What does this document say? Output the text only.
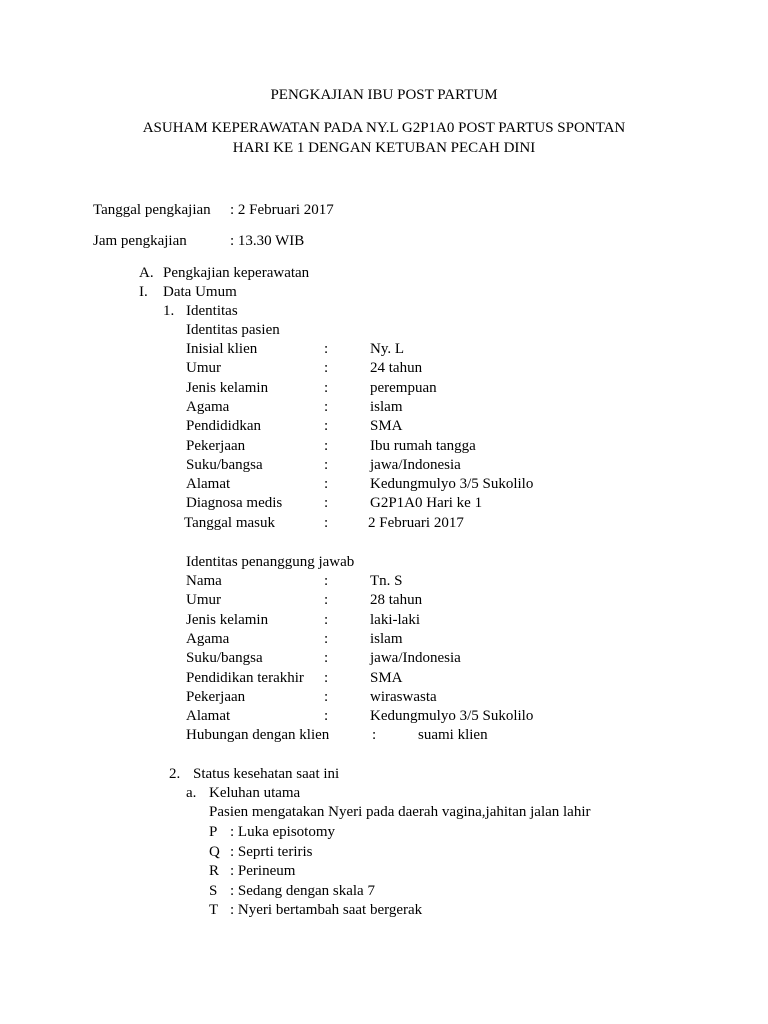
PENGKAJIAN IBU POST PARTUM
ASUHAM KEPERAWATAN PADA NY.L G2P1A0 POST PARTUS SPONTAN
HARI KE 1 DENGAN KETUBAN PECAH DINI
Tanggal pengkajian : 2 Februari 2017
Jam pengkajian	: 13.30 WIB
A. Pengkajian keperawatan
I. Data Umum
1. Identitas
Identitas pasien
Inisial klien	:	Ny. L
Umur	:	24 tahun
Jenis kelamin	:	perempuan
Agama	:	islam
Pendididkan	:	SMA
Pekerjaan	:	Ibu rumah tangga
Suku/bangsa	:	jawa/Indonesia
Alamat	:	Kedungmulyo 3/5 Sukolilo
Diagnosa medis	:	G2P1A0 Hari ke 1
Tanggal masuk	:	2 Februari 2017
Identitas penanggung jawab
Nama	:	Tn. S
Umur	:	28 tahun
Jenis kelamin	:	laki-laki
Agama	:	islam
Suku/bangsa	:	jawa/Indonesia
Pendidikan terakhir :	SMA
Pekerjaan	:	wiraswasta
Alamat	:	Kedungmulyo 3/5 Sukolilo
Hubungan dengan klien	:	suami klien
2. Status kesehatan saat ini
a. Keluhan utama
Pasien mengatakan Nyeri pada daerah vagina,jahitan jalan lahir
P : Luka episotomy
Q : Seprti teriris
R : Perineum
S : Sedang dengan skala 7
T : Nyeri bertambah saat bergerak
